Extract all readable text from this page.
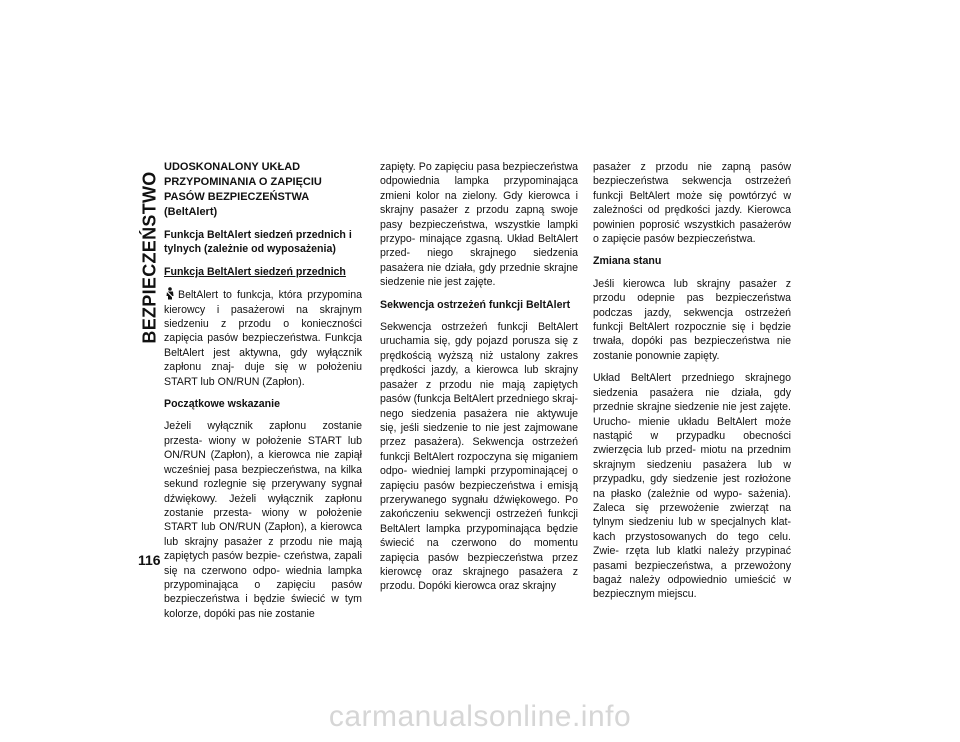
BEZPIECZEŃSTWO
116
UDOSKONALONY UKŁAD PRZYPOMINANIA O ZAPIĘCIU PASÓW BEZPIECZEŃSTWA (BeltAlert)
Funkcja BeltAlert siedzeń przednich i tylnych (zależnie od wyposażenia)
Funkcja BeltAlert siedzeń przednich

BeltAlert to funkcja, która przypomina kierowcy i pasażerowi na skrajnym siedzeniu z przodu o konieczności zapięcia pasów bezpieczeństwa. Funkcja BeltAlert jest aktywna, gdy wyłącznik zapłonu znaj- duje się w położeniu START lub ON/RUN (Zapłon).

Początkowe wskazanie

Jeżeli wyłącznik zapłonu zostanie przesta- wiony w położenie START lub ON/RUN (Zapłon), a kierowca nie zapiął wcześniej pasa bezpieczeństwa, na kilka sekund rozlegnie się przerywany sygnał dźwiękowy. Jeżeli wyłącznik zapłonu zostanie przesta- wiony w położenie START lub ON/RUN (Zapłon), a kierowca lub skrajny pasażer z przodu nie mają zapiętych pasów bezpie- czeństwa, zapali się na czerwono odpo- wiednia lampka przypominająca o zapięciu pasów bezpieczeństwa i będzie świecić w tym kolorze, dopóki pas nie zostanie

zapięty. Po zapięciu pasa bezpieczeństwa odpowiednia lampka przypominająca zmieni kolor na zielony. Gdy kierowca i skrajny pasażer z przodu zapną swoje pasy bezpieczeństwa, wszystkie lampki przypo- minające zgasną. Układ BeltAlert przed- niego skrajnego siedzenia pasażera nie działa, gdy przednie skrajne siedzenie nie jest zajęte.

Sekwencja ostrzeżeń funkcji BeltAlert

Sekwencja ostrzeżeń funkcji BeltAlert uruchamia się, gdy pojazd porusza się z prędkością wyższą niż ustalony zakres prędkości jazdy, a kierowca lub skrajny pasażer z przodu nie mają zapiętych pasów (funkcja BeltAlert przedniego skraj- nego siedzenia pasażera nie aktywuje się, jeśli siedzenie to nie jest zajmowane przez pasażera). Sekwencja ostrzeżeń funkcji BeltAlert rozpoczyna się miganiem odpo- wiedniej lampki przypominającej o zapięciu pasów bezpieczeństwa i emisją przerywanego sygnału dźwiękowego. Po zakończeniu sekwencji ostrzeżeń funkcji BeltAlert lampka przypominająca będzie świecić na czerwono do momentu zapięcia pasów bezpieczeństwa przez kierowcę oraz skrajnego pasażera z przodu. Dopóki kierowca oraz skrajny

pasażer z przodu nie zapną pasów bezpieczeństwa sekwencja ostrzeżeń funkcji BeltAlert może się powtórzyć w zależności od prędkości jazdy. Kierowca powinien poprosić wszystkich pasażerów o zapięcie pasów bezpieczeństwa.

Zmiana stanu

Jeśli kierowca lub skrajny pasażer z przodu odepnie pas bezpieczeństwa podczas jazdy, sekwencja ostrzeżeń funkcji BeltAlert rozpocznie się i będzie trwała, dopóki pas bezpieczeństwa nie zostanie ponownie zapięty.

Układ BeltAlert przedniego skrajnego siedzenia pasażera nie działa, gdy przednie skrajne siedzenie nie jest zajęte. Urucho- mienie układu BeltAlert może nastąpić w przypadku obecności zwierzęcia lub przed- miotu na przednim skrajnym siedzeniu pasażera lub w przypadku, gdy siedzenie jest rozłożone na płasko (zależnie od wypo- sażenia). Zaleca się przewożenie zwierząt na tylnym siedzeniu lub w specjalnych klat- kach przystosowanych do tego celu. Zwie- rzęta lub klatki należy przypinać pasami bezpieczeństwa, a przewożony bagaż należy odpowiednio umieścić w bezpiecznym miejscu.

carmanualsonline.info
